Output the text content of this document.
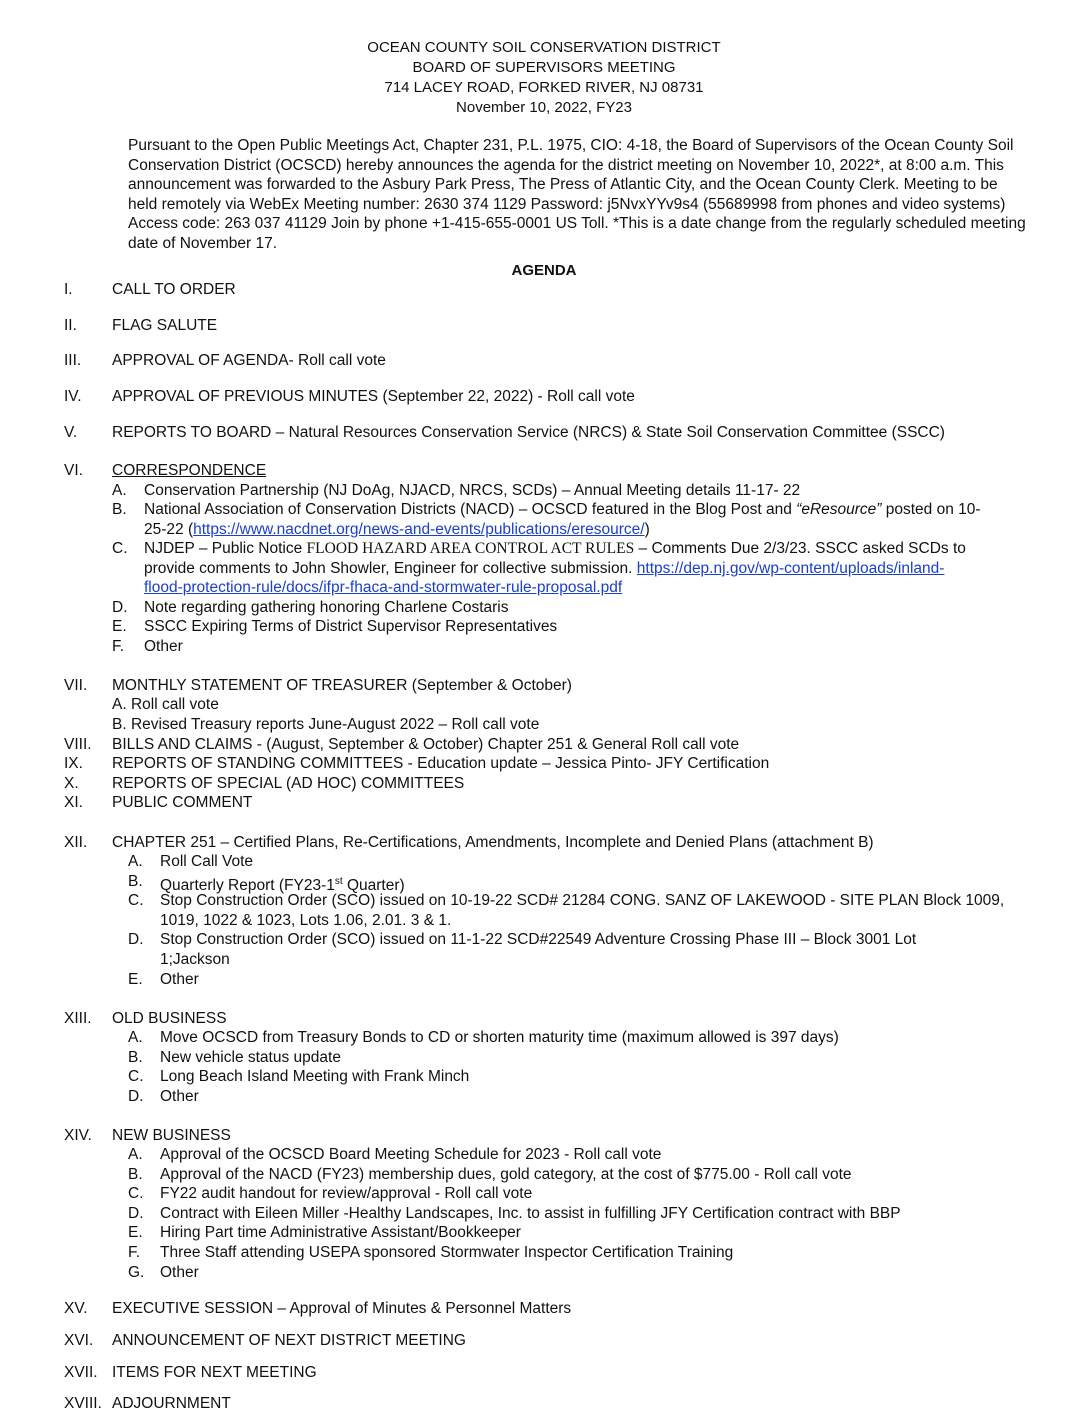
OCEAN COUNTY SOIL CONSERVATION DISTRICT
BOARD OF SUPERVISORS MEETING
714 LACEY ROAD, FORKED RIVER, NJ 08731
November 10, 2022, FY23
Pursuant to the Open Public Meetings Act, Chapter 231, P.L. 1975, CIO: 4-18, the Board of Supervisors of the Ocean County Soil Conservation District (OCSCD) hereby announces the agenda for the district meeting on November 10, 2022*, at 8:00 a.m. This announcement was forwarded to the Asbury Park Press, The Press of Atlantic City, and the Ocean County Clerk. Meeting to be held remotely via WebEx Meeting number: 2630 374 1129 Password: j5NvxYYv9s4 (55689998 from phones and video systems) Access code: 263 037 41129 Join by phone +1-415-655-0001 US Toll. *This is a date change from the regularly scheduled meeting date of November 17.
AGENDA
I.	CALL TO ORDER
II.	FLAG SALUTE
III.	APPROVAL OF AGENDA- Roll call vote
IV.	APPROVAL OF PREVIOUS MINUTES (September 22, 2022) - Roll call vote
V.	REPORTS TO BOARD – Natural Resources Conservation Service (NRCS) & State Soil Conservation Committee (SSCC)
VI.	CORRESPONDENCE
A.	Conservation Partnership (NJ DoAg, NJACD, NRCS, SCDs) – Annual Meeting details 11-17- 22
B.	National Association of Conservation Districts (NACD) – OCSCD featured in the Blog Post and “eResource” posted on 10-
25-22 (https://www.nacdnet.org/news-and-events/publications/eresource/)
C.	NJDEP – Public Notice FLOOD HAZARD AREA CONTROL ACT RULES – Comments Due 2/3/23. SSCC asked SCDs to
provide comments to John Showler, Engineer for collective submission. https://dep.nj.gov/wp-content/uploads/inland-
flood-protection-rule/docs/ifpr-fhaca-and-stormwater-rule-proposal.pdf
D.	Note regarding gathering honoring Charlene Costaris
E.	SSCC Expiring Terms of District Supervisor Representatives
F.	Other
VII.	MONTHLY STATEMENT OF TREASURER (September & October)
A. Roll call vote
B. Revised Treasury reports June-August 2022 – Roll call vote
VIII.	BILLS AND CLAIMS - (August, September & October) Chapter 251 & General Roll call vote
IX.	REPORTS OF STANDING COMMITTEES - Education update – Jessica Pinto- JFY Certification
X.	REPORTS OF SPECIAL (AD HOC) COMMITTEES
XI.	PUBLIC COMMENT
XII.	CHAPTER 251 – Certified Plans, Re-Certifications, Amendments, Incomplete and Denied Plans (attachment B)
A.	Roll Call Vote
B.	Quarterly Report (FY23-1st Quarter)
C.	Stop Construction Order (SCO) issued on 10-19-22 SCD# 21284 CONG. SANZ OF LAKEWOOD - SITE PLAN Block 1009,
1019, 1022 & 1023, Lots 1.06, 2.01. 3 & 1.
D.	Stop Construction Order (SCO) issued on 11-1-22 SCD#22549 Adventure Crossing Phase III – Block 3001 Lot
1;Jackson
E.	Other
XIII.	OLD BUSINESS
A.	Move OCSCD from Treasury Bonds to CD or shorten maturity time (maximum allowed is 397 days)
B.	New vehicle status update
C.	Long Beach Island Meeting with Frank Minch
D.	Other
XIV.	NEW BUSINESS
A.	Approval of the OCSCD Board Meeting Schedule for 2023 - Roll call vote
B.	Approval of the NACD (FY23) membership dues, gold category, at the cost of $775.00 - Roll call vote
C.	FY22 audit handout for review/approval - Roll call vote
D.	Contract with Eileen Miller -Healthy Landscapes, Inc. to assist in fulfilling JFY Certification contract with BBP
E.	Hiring Part time Administrative Assistant/Bookkeeper
F.	Three Staff attending USEPA sponsored Stormwater Inspector Certification Training
G.	Other
XV.	EXECUTIVE SESSION – Approval of Minutes & Personnel Matters
XVI.	ANNOUNCEMENT OF NEXT DISTRICT MEETING
XVII. ITEMS FOR NEXT MEETING
XVIII. ADJOURNMENT
